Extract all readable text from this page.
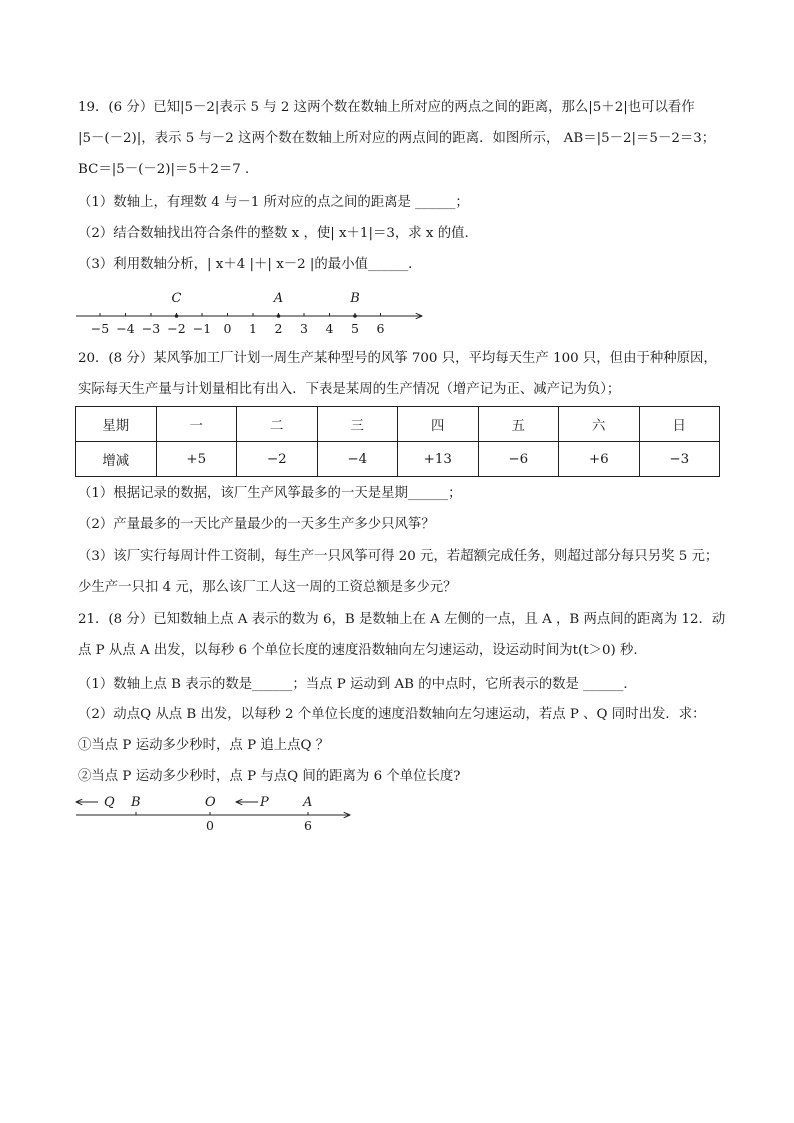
19．(6 分）已知|5－2|表示 5 与 2 这两个数在数轴上所对应的两点之间的距离，那么|5＋2|也可以看作
|5－(－2)|，表示 5 与－2 这两个数在数轴上所对应的两点间的距离．如图所示， AB＝|5－2|＝5－2＝3；
BC＝|5－(－2)|＝5＋2＝7 ．
（1）数轴上，有理数 4 与－1 所对应的点之间的距离是 ______；
（2）结合数轴找出符合条件的整数 x ，使| x＋1|＝3，求 x 的值.
（3）利用数轴分析，| x＋4 |＋| x－2 |的最小值______．
−5 −4 −3 −2 −1 0 1 2 3 4 5 6
C	A	B
20．(8 分）某风筝加工厂计划一周生产某种型号的风筝 700 只，平均每天生产 100 只，但由于种种原因，
实际每天生产量与计划量相比有出入．下表是某周的生产情况（增产记为正、减产记为负）；
星期	一	二	三	四	五	六	日
增减	+5	−2	−4	+13	−6	+6	−3
（1）根据记录的数据，该厂生产风筝最多的一天是星期______；
（2）产量最多的一天比产量最少的一天多生产多少只风筝？
（3）该厂实行每周计件工资制，每生产一只风筝可得 20 元，若超额完成任务，则超过部分每只另奖 5 元；
少生产一只扣 4 元，那么该厂工人这一周的工资总额是多少元？
21．(8 分）已知数轴上点 A 表示的数为 6，B 是数轴上在 A 左侧的一点，且 A ，B 两点间的距离为 12．动
点 P 从点 A 出发，以每秒 6 个单位长度的速度沿数轴向左匀速运动，设运动时间为t(t＞0) 秒.
（1）数轴上点 B 表示的数是______；当点 P 运动到 AB 的中点时，它所表示的数是 ______．
（2）动点Q 从点 B 出发，以每秒 2 个单位长度的速度沿数轴向左匀速运动，若点 P 、Q 同时出发．求：
①当点 P 运动多少秒时，点 P 追上点Q ？
②当点 P 运动多少秒时，点 P 与点Q 间的距离为 6 个单位长度?
Q B	O	P	A
0	6
